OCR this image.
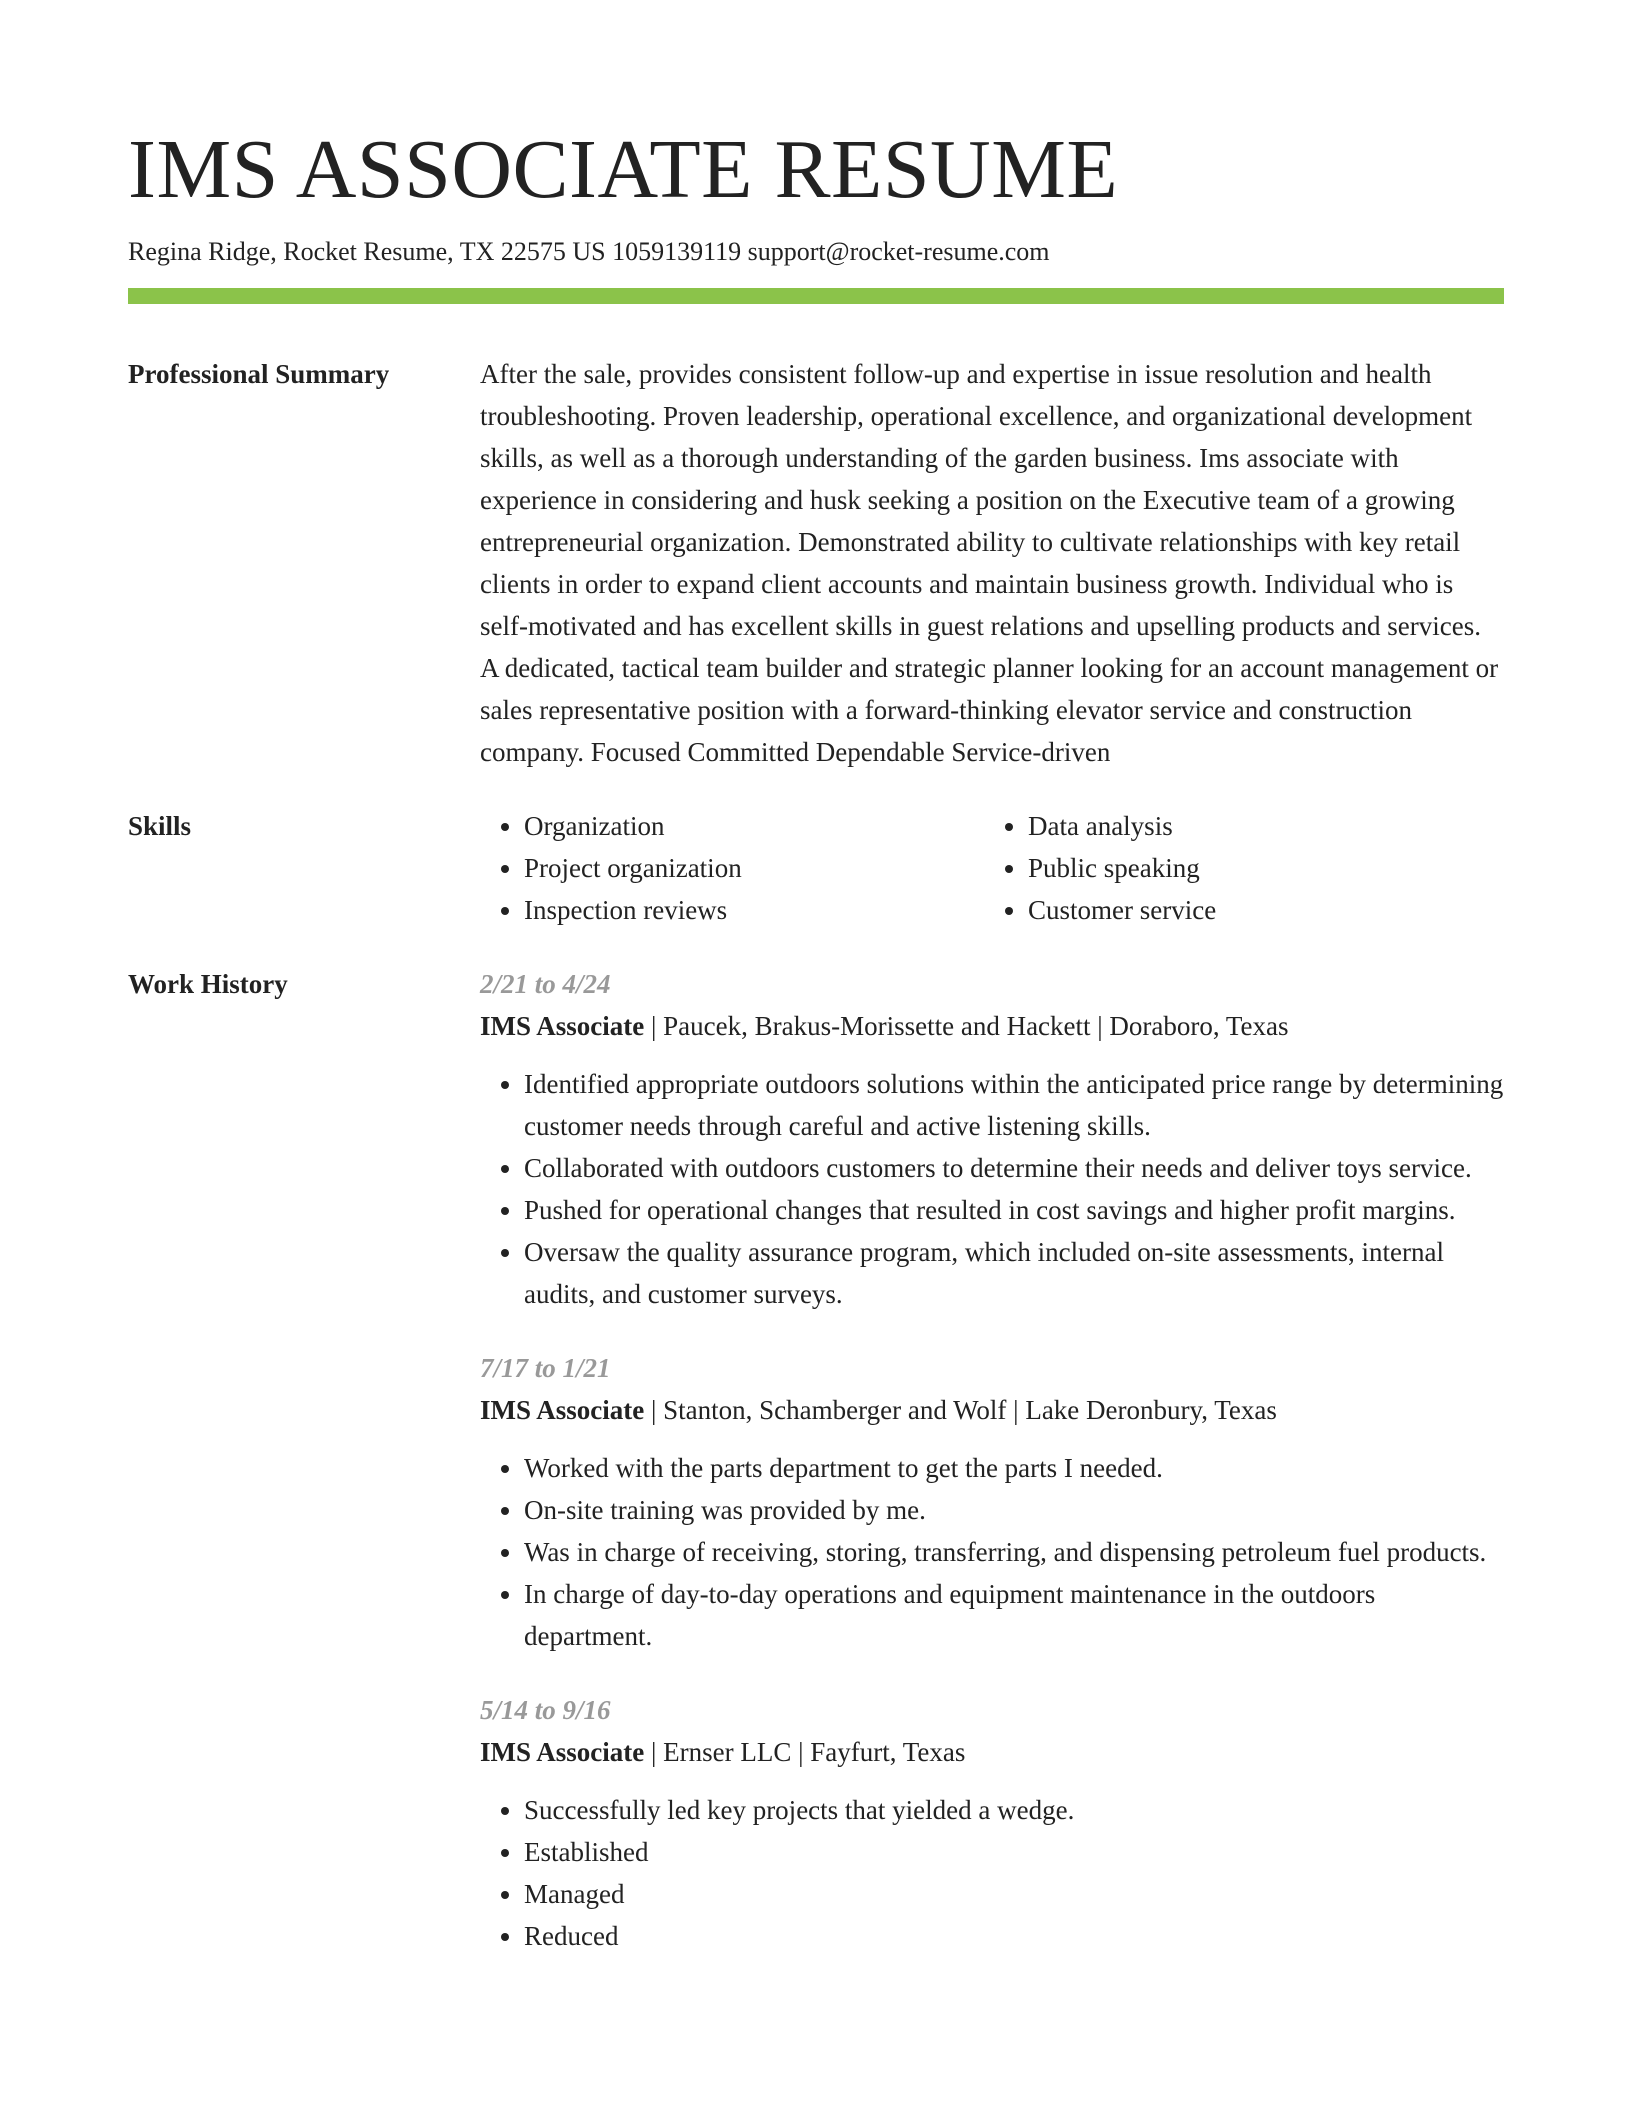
IMS ASSOCIATE RESUME
Regina Ridge, Rocket Resume, TX 22575 US 1059139119 support@rocket-resume.com
Professional Summary	After the sale, provides consistent follow-up and expertise in issue resolution and health troubleshooting. Proven leadership, operational excellence, and organizational development skills, as well as a thorough understanding of the garden business. Ims associate with experience in considering and husk seeking a position on the Executive team of a growing entrepreneurial organization. Demonstrated ability to cultivate relationships with key retail clients in order to expand client accounts and maintain business growth. Individual who is self-motivated and has excellent skills in guest relations and upselling products and services. A dedicated, tactical team builder and strategic planner looking for an account management or sales representative position with a forward-thinking elevator service and construction company. Focused Committed Dependable Service-driven

Skills
•	Organization
• Project organization
• Inspection reviews
• Data analysis
• Public speaking
• Customer service
Work History	2/21 to 4/24
IMS Associate | Paucek, Brakus-Morissette and Hackett | Doraboro, Texas
• Identified appropriate outdoors solutions within the anticipated price range by determining customer needs through careful and active listening skills.
• Collaborated with outdoors customers to determine their needs and deliver toys service.
• Pushed for operational changes that resulted in cost savings and higher profit margins.
• Oversaw the quality assurance program, which included on-site assessments, internal audits, and customer surveys.
7/17 to 1/21
IMS Associate | Stanton, Schamberger and Wolf | Lake Deronbury, Texas
• Worked with the parts department to get the parts I needed.
• On-site training was provided by me.
• Was in charge of receiving, storing, transferring, and dispensing petroleum fuel products.
• In charge of day-to-day operations and equipment maintenance in the outdoors department.
5/14 to 9/16
IMS Associate | Ernser LLC | Fayfurt, Texas
• Successfully led key projects that yielded a wedge.
• Established
• Managed
• Reduced
